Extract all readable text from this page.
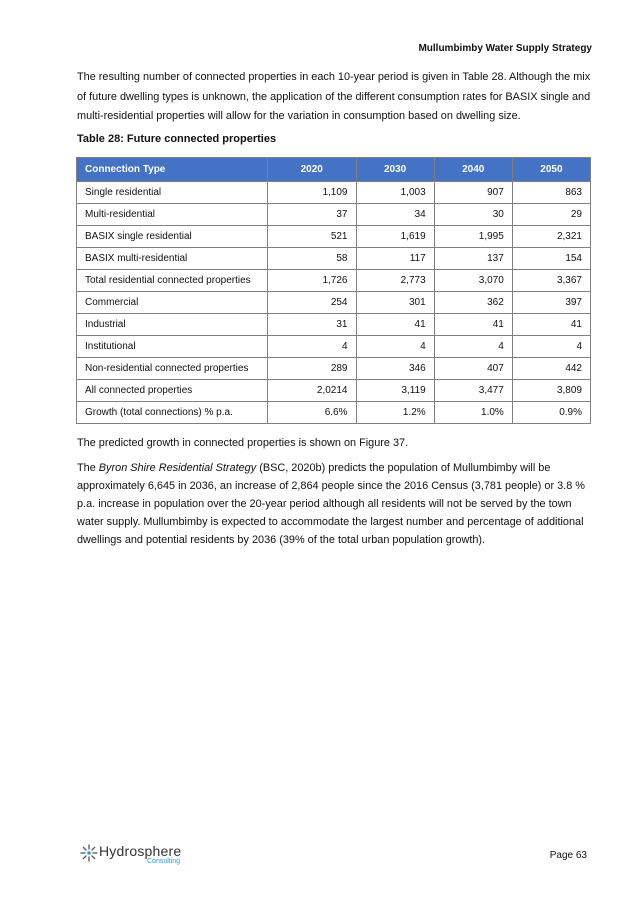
Mullumbimby Water Supply Strategy

The resulting number of connected properties in each 10-year period is given in Table 28. Although the mix of future dwelling types is unknown, the application of the different consumption rates for BASIX single and multi-residential properties will allow for the variation in consumption based on dwelling size.

Table 28: Future connected properties
Connection Type	2020	2030	2040	2050
Single residential	1,109	1,003	907	863
Multi-residential	37	34	30	29
BASIX single residential	521	1,619	1,995	2,321
BASIX multi-residential	58	117	137	154
Total residential connected properties	1,726	2,773	3,070	3,367
Commercial	254	301	362	397
Industrial	31	41	41	41
Institutional	4	4	4	4
Non-residential connected properties	289	346	407	442
All connected properties	2,0214	3,119	3,477	3,809
Growth (total connections) % p.a.	6.6%	1.2%	1.0%	0.9%

The predicted growth in connected properties is shown on Figure 37.

The Byron Shire Residential Strategy (BSC, 2020b) predicts the population of Mullumbimby will be approximately 6,645 in 2036, an increase of 2,864 people since the 2016 Census (3,781 people) or 3.8 % p.a. increase in population over the 20-year period although all residents will not be served by the town water supply. Mullumbimby is expected to accommodate the largest number and percentage of additional dwellings and potential residents by 2036 (39% of the total urban population growth).

Hydrosphere
Consulting
Page 63
